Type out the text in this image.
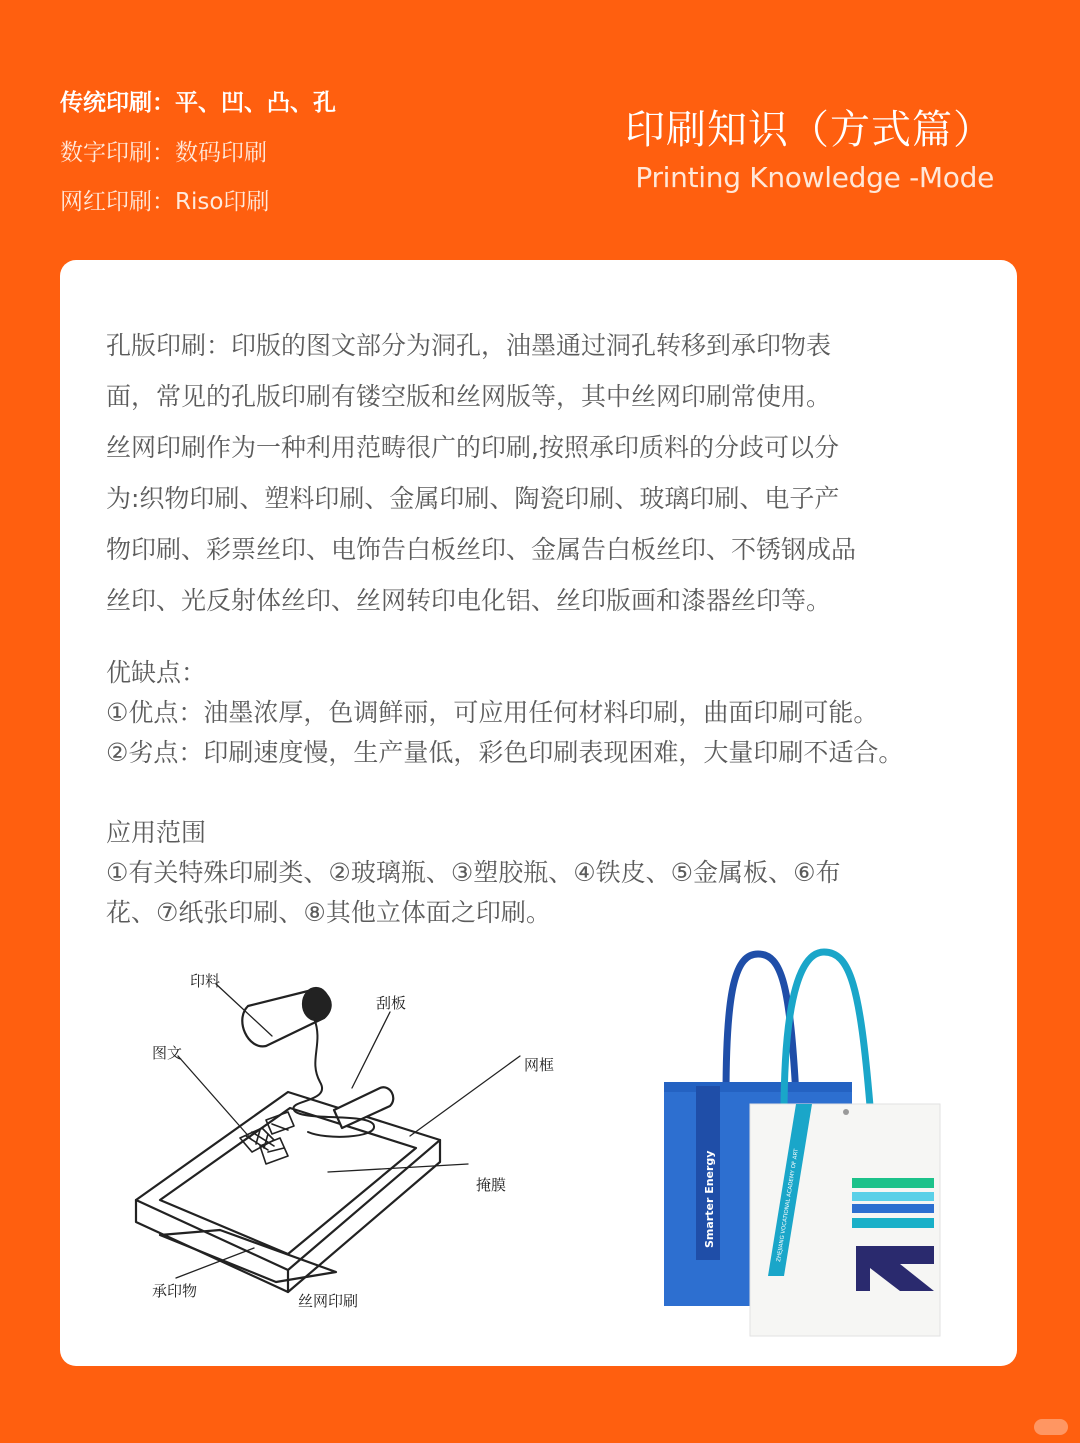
传统印刷：平、凹、凸、孔
数字印刷：数码印刷
网红印刷：Riso印刷
印刷知识（方式篇）
Printing Knowledge -Mode
孔版印刷：印版的图文部分为洞孔，油墨通过洞孔转移到承印物表
面，常见的孔版印刷有镂空版和丝网版等，其中丝网印刷常使用。
丝网印刷作为一种利用范畴很广的印刷,按照承印质料的分歧可以分
为:织物印刷、塑料印刷、金属印刷、陶瓷印刷、玻璃印刷、电子产
物印刷、彩票丝印、电饰告白板丝印、金属告白板丝印、不锈钢成品
丝印、光反射体丝印、丝网转印电化铝、丝印版画和漆器丝印等。
优缺点：
①优点：油墨浓厚，色调鲜丽，可应用任何材料印刷，曲面印刷可能。
②劣点：印刷速度慢，生产量低，彩色印刷表现困难，大量印刷不适合。
应用范围
①有关特殊印刷类、②玻璃瓶、③塑胶瓶、④铁皮、⑤金属板、⑥布
花、⑦纸张印刷、⑧其他立体面之印刷。
印料
刮板
图文
网框
掩膜
承印物
丝网印刷
Smarter Energy	ZHEJIANG VOCATIONAL ACADEMY OF ART
